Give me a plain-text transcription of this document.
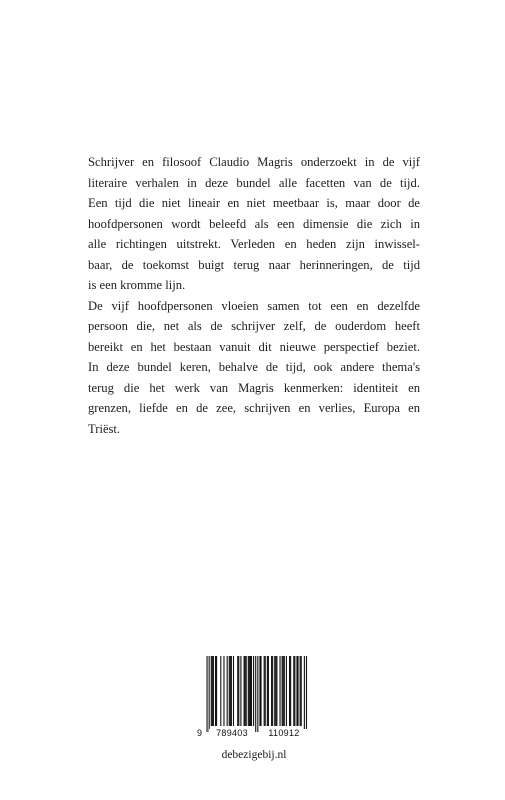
Schrijver en filosoof Claudio Magris onderzoekt in de vijf

literaire verhalen in deze bundel alle facetten van de tijd.

Een tijd die niet lineair en niet meetbaar is, maar door de

hoofdpersonen wordt beleefd als een dimensie die zich in

alle richtingen uitstrekt. Verleden en heden zijn inwissel-

baar, de toekomst buigt terug naar herinneringen, de tijd

is een kromme lijn.

De vijf hoofdpersonen vloeien samen tot een en dezelfde

persoon die, net als de schrijver zelf, de ouderdom heeft

bereikt en het bestaan vanuit dit nieuwe perspectief beziet.

In deze bundel keren, behalve de tijd, ook andere thema's

terug die het werk van Magris kenmerken: identiteit en

grenzen, liefde en de zee, schrijven en verlies, Europa en

Triëst.

9	789403	110912
debezigebij.nl
